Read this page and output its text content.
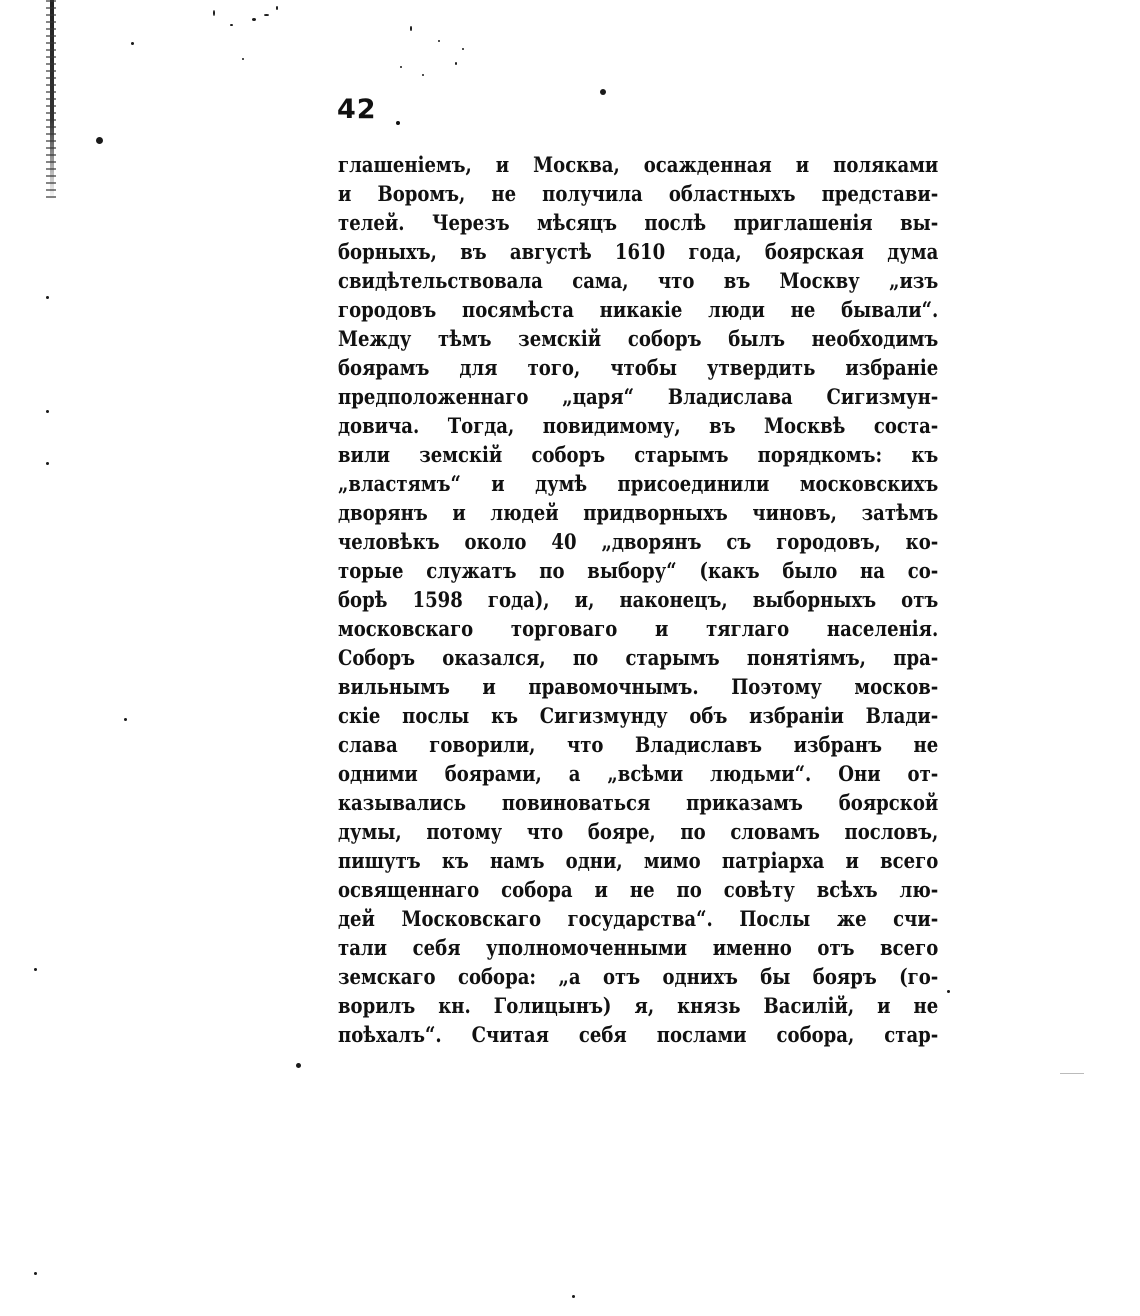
42
глашеніемъ, и Москва, осажденная и поляками
и Воромъ, не получила областныхъ представи-
телей. Черезъ мѣсяцъ послѣ приглашенія вы-
борныхъ, въ августѣ 1610 года, боярская дума
свидѣтельствовала сама, что въ Москву „изъ
городовъ посямѣста никакіе люди не бывали“.
Между тѣмъ земскій соборъ былъ необходимъ
боярамъ для того, чтобы утвердить избраніе
предположеннаго „царя“ Владислава Сигизмун-
довича. Тогда, повидимому, въ Москвѣ соста-
вили земскій соборъ старымъ порядкомъ: къ
„властямъ“ и думѣ присоединили московскихъ
дворянъ и людей придворныхъ чиновъ, затѣмъ
человѣкъ около 40 „дворянъ съ городовъ, ко-
торые служатъ по выбору“ (какъ было на со-
борѣ 1598 года), и, наконецъ, выборныхъ отъ
московскаго торговаго и тяглаго населенія.
Соборъ оказался, по старымъ понятіямъ, пра-
вильнымъ и правомочнымъ. Поэтому москов-
скіе послы къ Сигизмунду объ избраніи Влади-
слава говорили, что Владиславъ избранъ не
одними боярами, а „всѣми людьми“. Они от-
казывались повиноваться приказамъ боярской
думы, потому что бояре, по словамъ пословъ,
пишутъ къ намъ одни, мимо патріарха и всего
освященнаго собора и не по совѣту всѣхъ лю-
дей Московскаго государства“. Послы же счи-
тали себя уполномоченными именно отъ всего
земскаго собора: „а отъ однихъ бы бояръ (го-
ворилъ кн. Голицынъ) я, князь Василій, и не
поѣхалъ“. Считая себя послами собора, стар-
